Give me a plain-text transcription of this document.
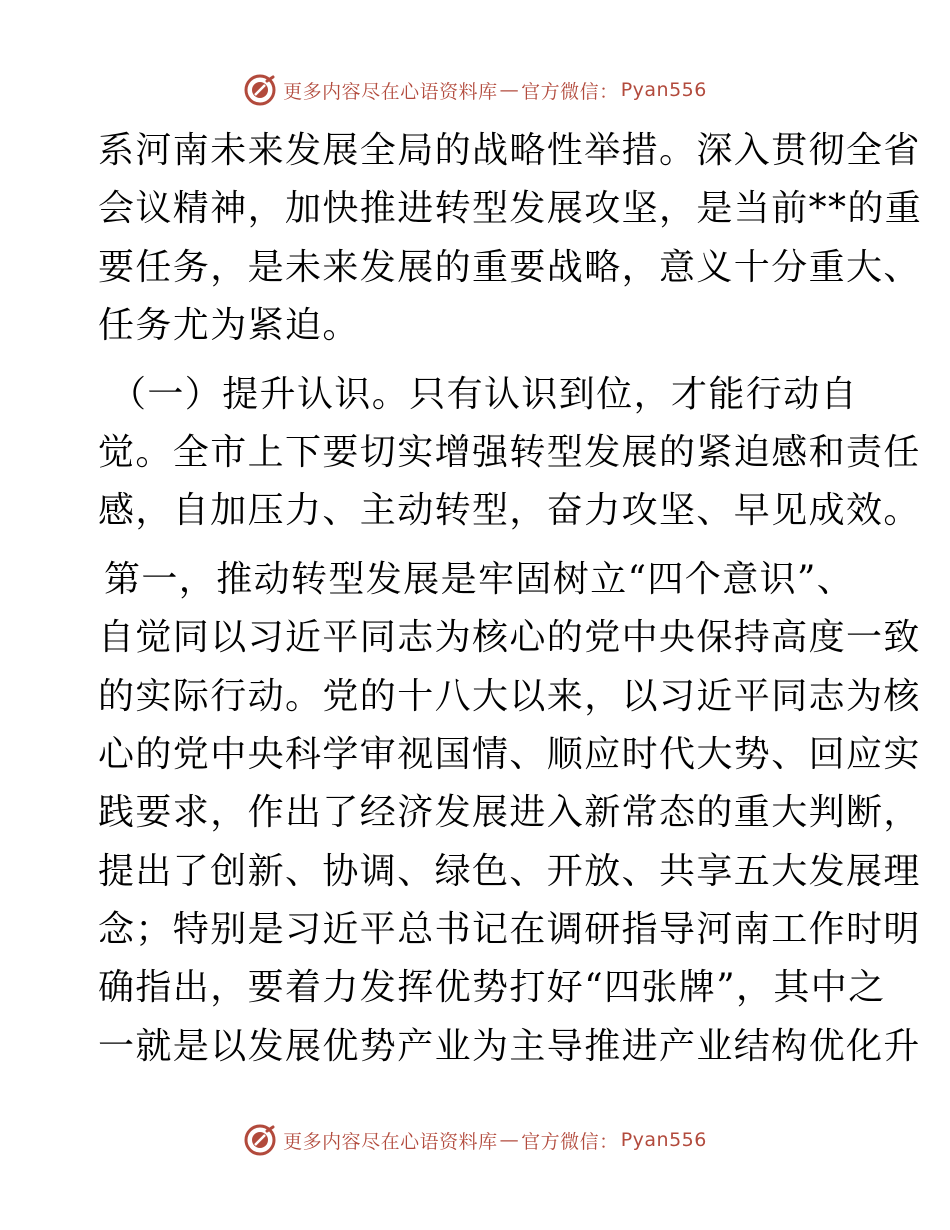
更多内容尽在心语资料库 — 官方微信： Pyan556
系河南未来发展全局的战略性举措。深入贯彻全省
会议精神，加快推进转型发展攻坚，是当前**的重
要任务，是未来发展的重要战略，意义十分重大、
任务尤为紧迫。
（一）提升认识。只有认识到位，才能行动自
觉。全市上下要切实增强转型发展的紧迫感和责任
感，自加压力、主动转型，奋力攻坚、早见成效。
第一，推动转型发展是牢固树立“四个意识”、
自觉同以习近平同志为核心的党中央保持高度一致
的实际行动。党的十八大以来，以习近平同志为核
心的党中央科学审视国情、顺应时代大势、回应实
践要求，作出了经济发展进入新常态的重大判断，
提出了创新、协调、绿色、开放、共享五大发展理
念；特别是习近平总书记在调研指导河南工作时明
确指出，要着力发挥优势打好“四张牌”，其中之
一就是以发展优势产业为主导推进产业结构优化升
更多内容尽在心语资料库 — 官方微信： Pyan556
